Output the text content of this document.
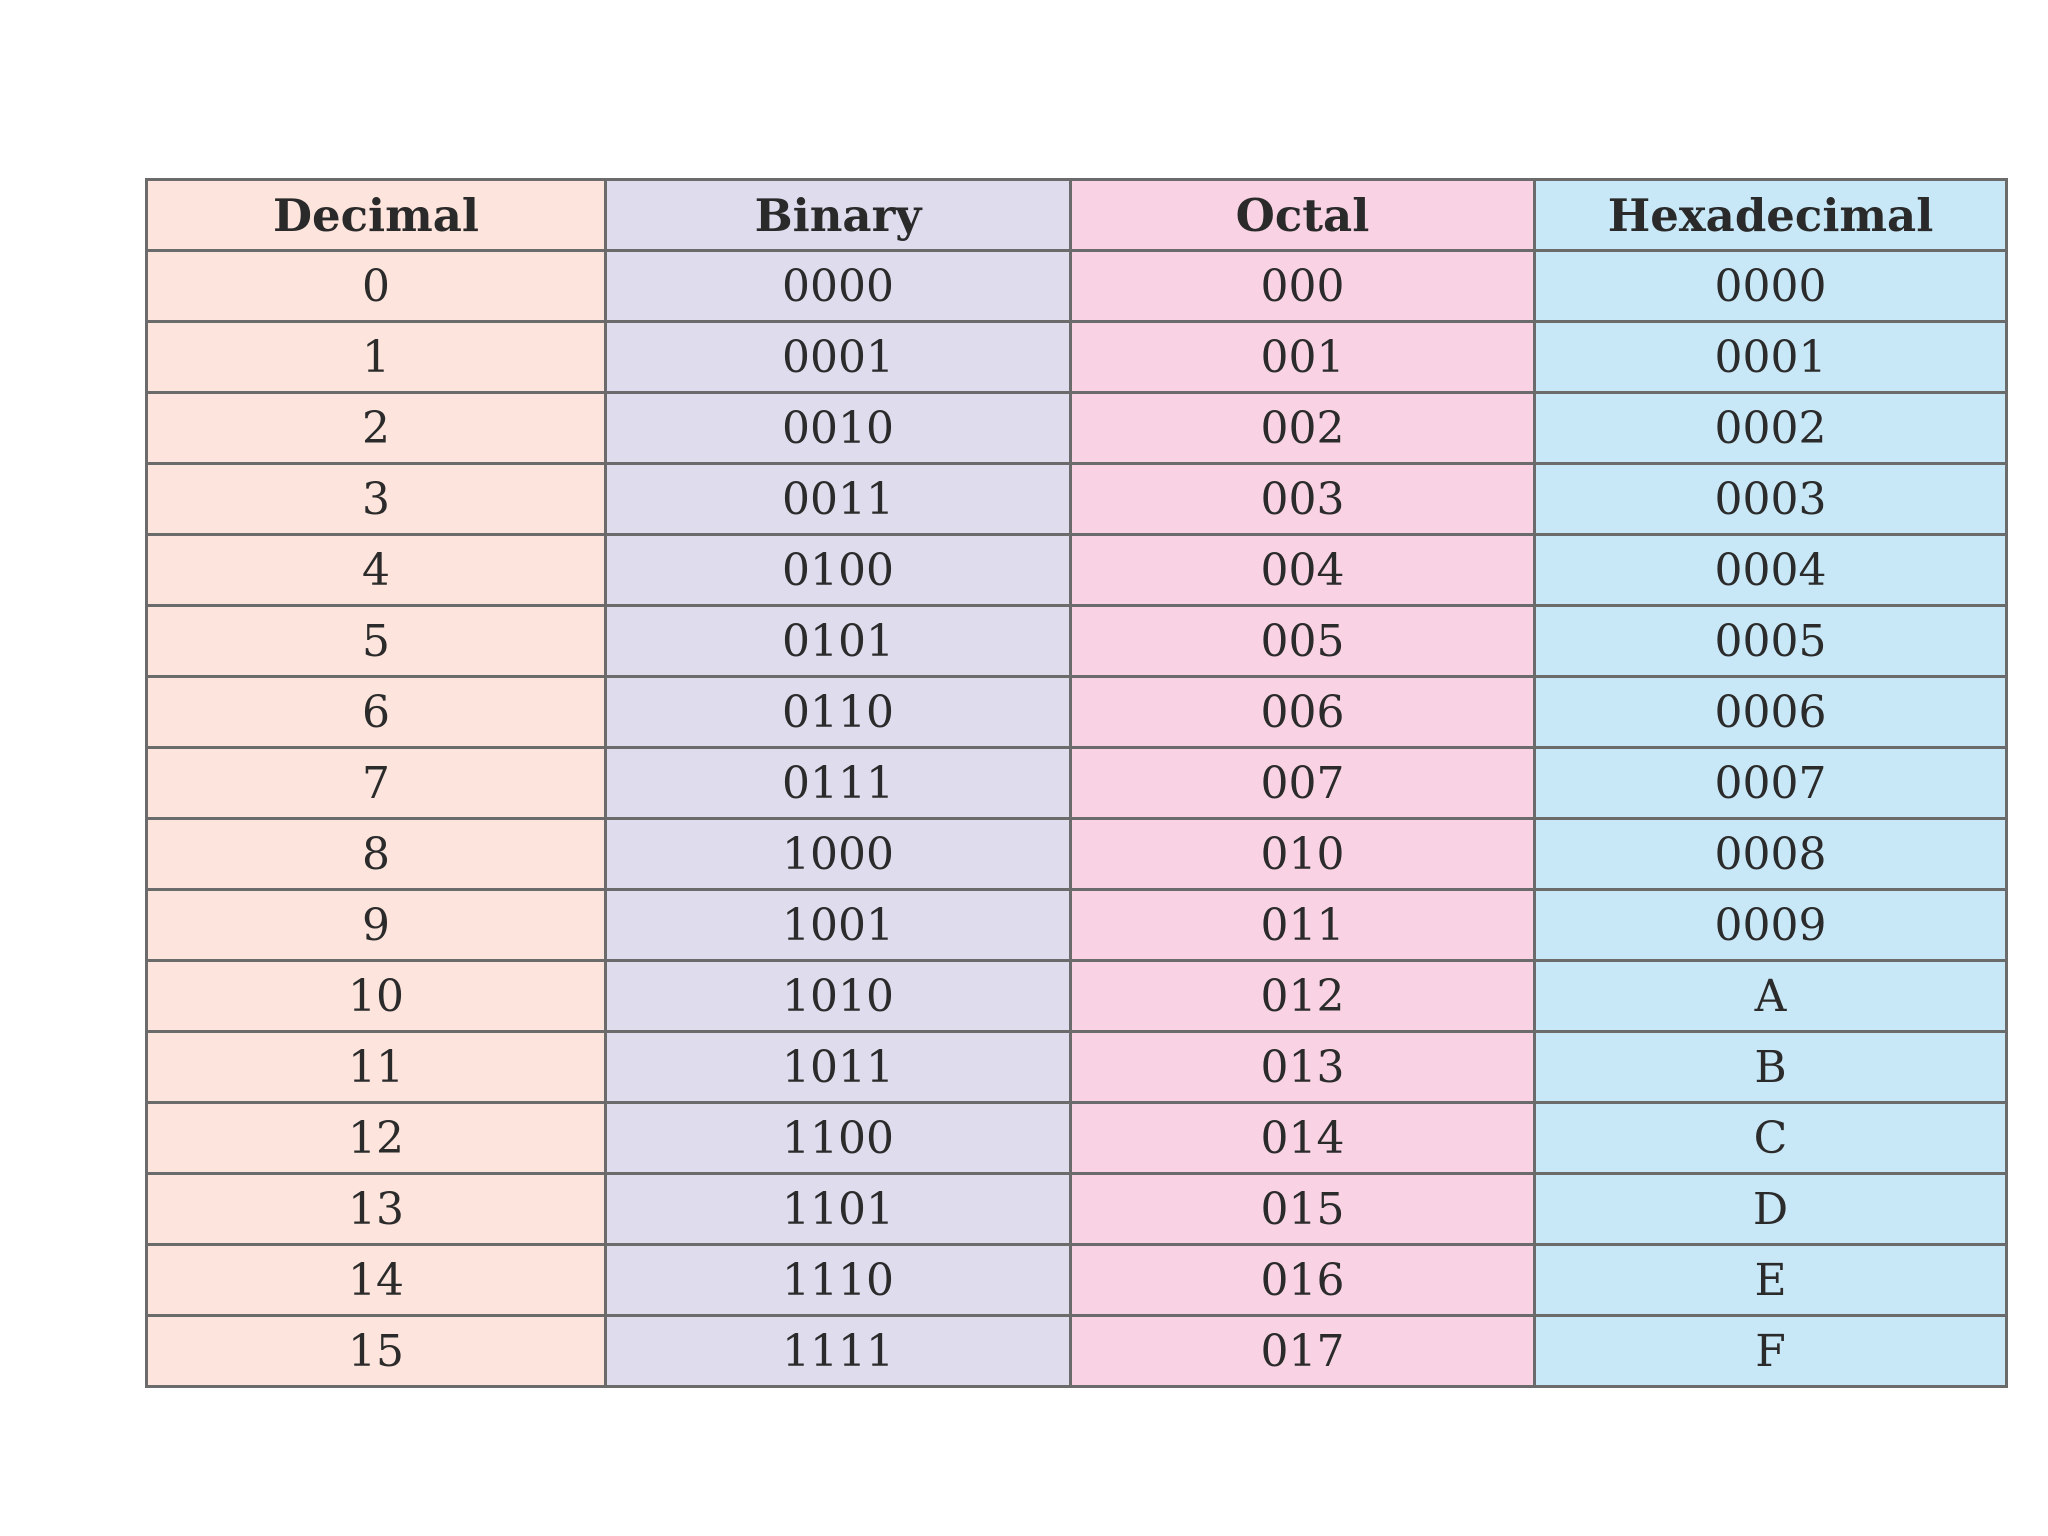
Decimal	Binary	Octal	Hexadecimal
0	0000	000	0000
1	0001	001	0001
2	0010	002	0002
3	0011	003	0003
4	0100	004	0004
5	0101	005	0005
6	0110	006	0006
7	0111	007	0007
8	1000	010	0008
9	1001	011	0009
10	1010	012	A
11	1011	013	B
12	1100	014	C
13	1101	015	D
14	1110	016	E
15	1111	017	F
